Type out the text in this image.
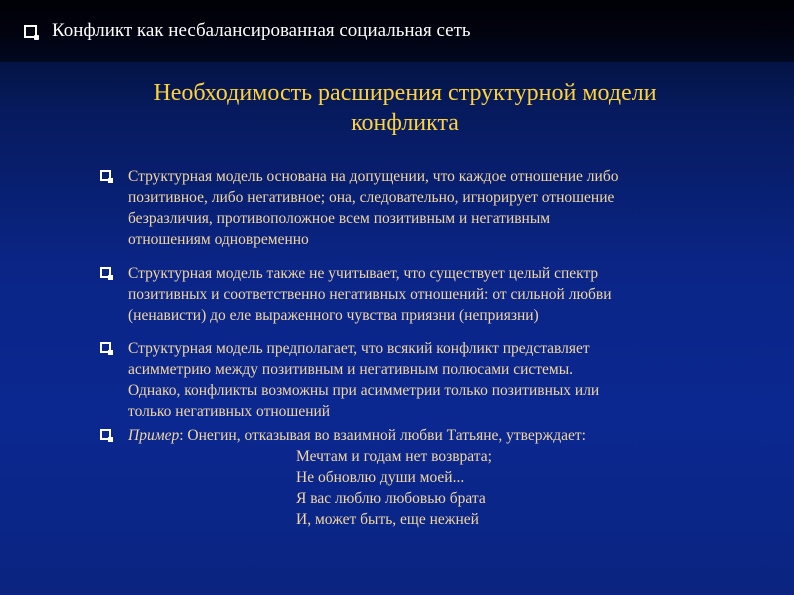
Конфликт как несбалансированная социальная сеть
Необходимость расширения структурной модели
конфликта
Структурная модель основана на допущении, что каждое отношение либо
позитивное, либо негативное; она, следовательно, игнорирует отношение
безразличия, противоположное всем позитивным и негативным
отношениям одновременно
Структурная модель также не учитывает, что существует целый спектр
позитивных и соответственно негативных отношений: от сильной любви
(ненависти) до еле выраженного чувства приязни (неприязни)
Структурная модель предполагает, что всякий конфликт представляет
асимметрию между позитивным и негативным полюсами системы.
Однако, конфликты возможны при асимметрии только позитивных или
только негативных отношений
Пример: Онегин, отказывая во взаимной любви Татьяне, утверждает:
Мечтам и годам нет возврата;
Не обновлю души моей...
Я вас люблю любовью брата
И, может быть, еще нежней
